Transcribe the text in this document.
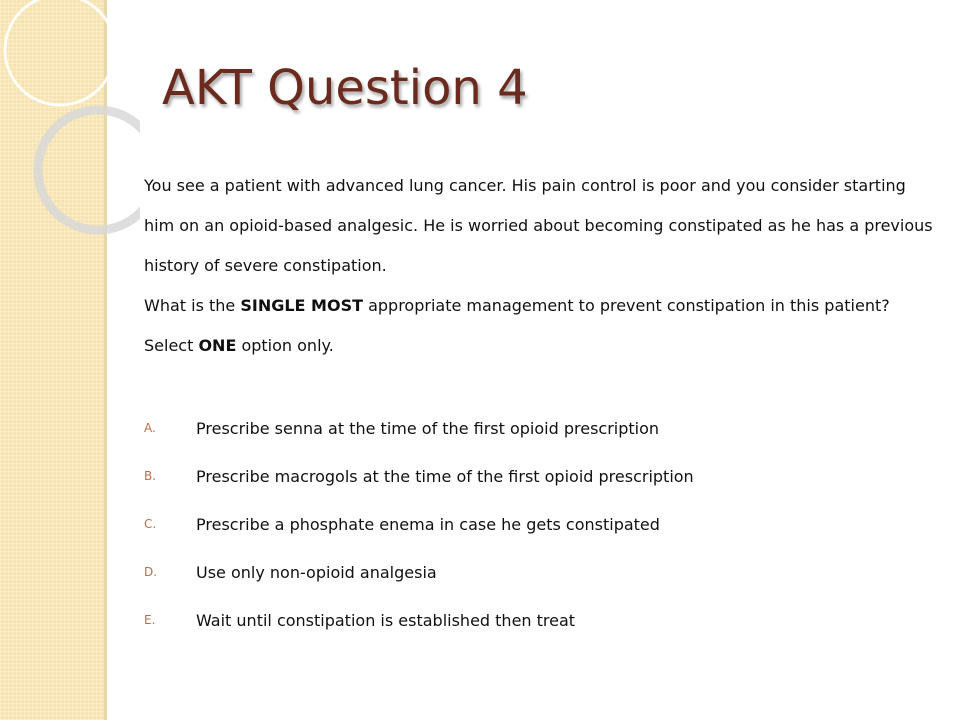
AKT Question 4

You see a patient with advanced lung cancer. His pain control is poor and you consider starting

him on an opioid-based analgesic. He is worried about becoming constipated as he has a previous

history of severe constipation.

What is the SINGLE MOST appropriate management to prevent constipation in this patient?

Select ONE option only.

A.	Prescribe senna at the time of the first opioid prescription
B.	Prescribe macrogols at the time of the first opioid prescription
C.	Prescribe a phosphate enema in case he gets constipated
D.	Use only non-opioid analgesia
E.	Wait until constipation is established then treat
